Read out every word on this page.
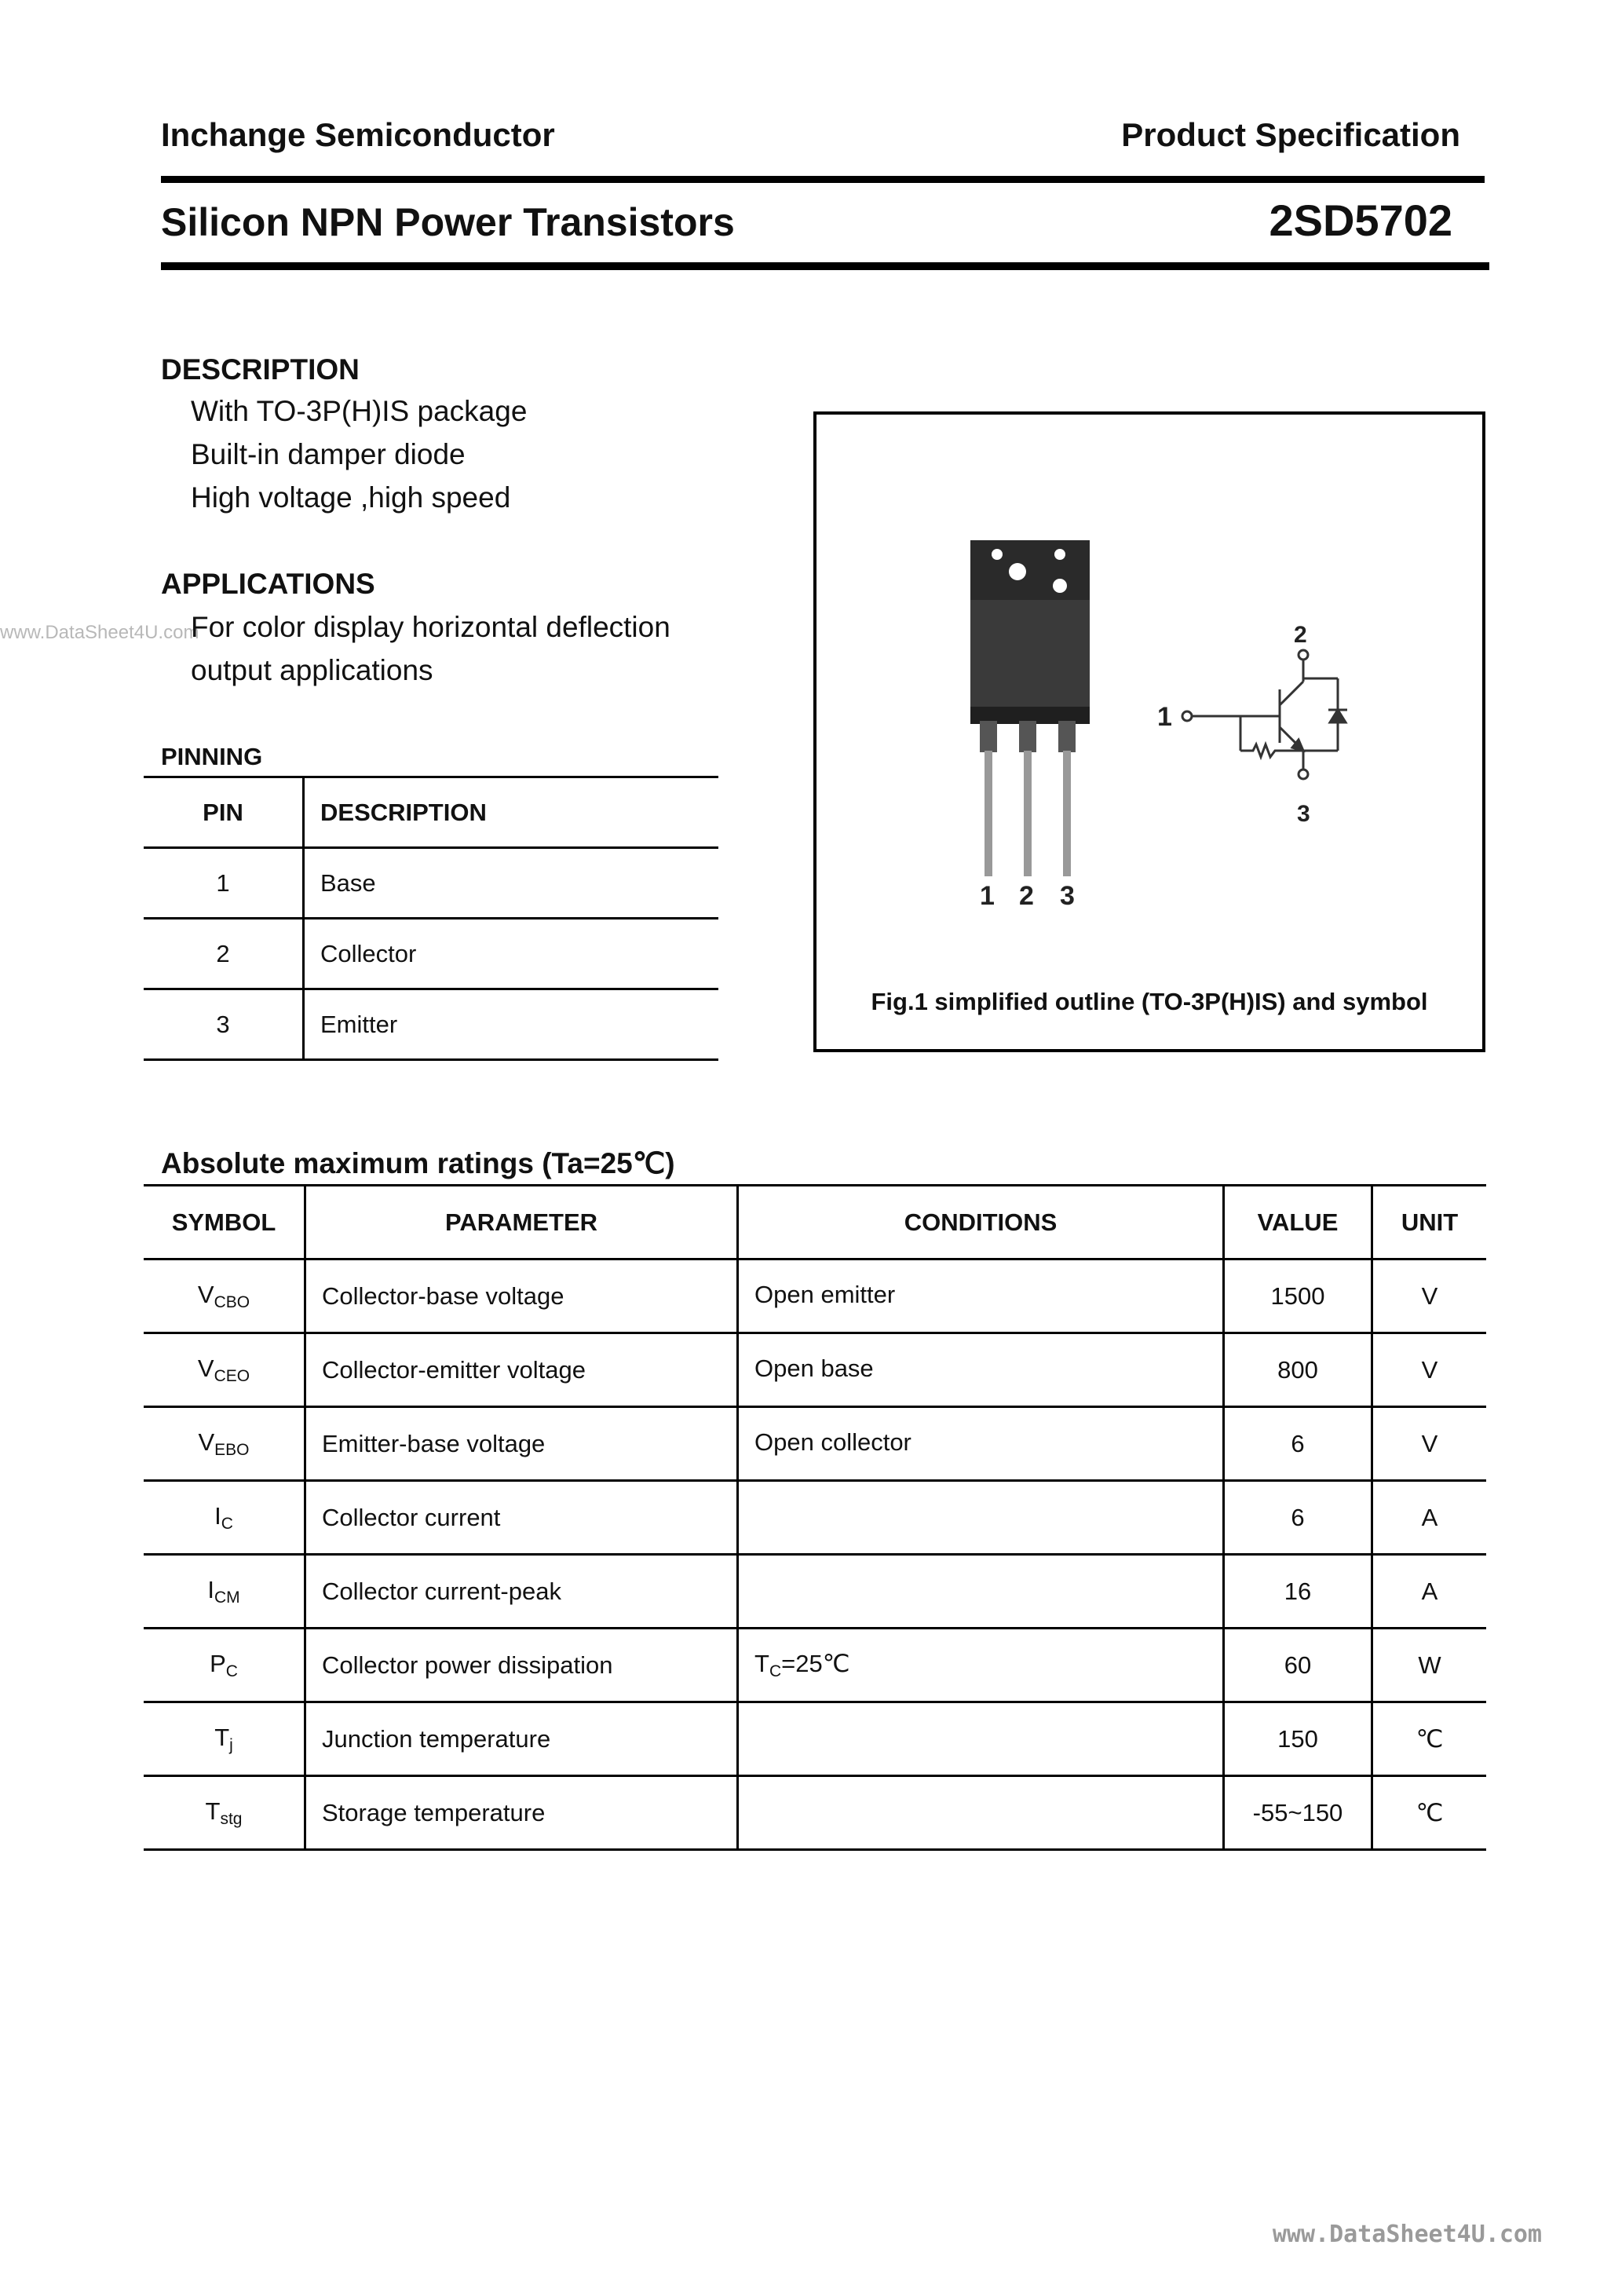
Inchange Semiconductor	Product Specification
Silicon NPN Power Transistors	2SD5702
DESCRIPTION
With TO-3P(H)IS package
Built-in damper diode
High voltage ,high speed
APPLICATIONS
www.DataSheet4U.com
For color display horizontal deflection
output applications
PINNING
PIN	DESCRIPTION
1	Base
2	Collector
3	Emitter
1 2 3
1
2
3
Fig.1 simplified outline (TO-3P(H)IS) and symbol
Absolute maximum ratings (Ta=25℃)
SYMBOL	PARAMETER	CONDITIONS	VALUE	UNIT
$V_{CBO}$	Collector-base voltage	Open emitter	1500	V
$V_{CEO}$	Collector-emitter voltage	Open base	800	V
$V_{EBO}$	Emitter-base voltage	Open collector	6	V
$I_C$	Collector current		6	A
$I_{CM}$	Collector current-peak		16	A
$P_C$	Collector power dissipation	$T_C=25℃$	60	W
$T_j$	Junction temperature		150	℃
$T_{stg}$	Storage temperature		-55~150	℃
www.DataSheet4U.com
